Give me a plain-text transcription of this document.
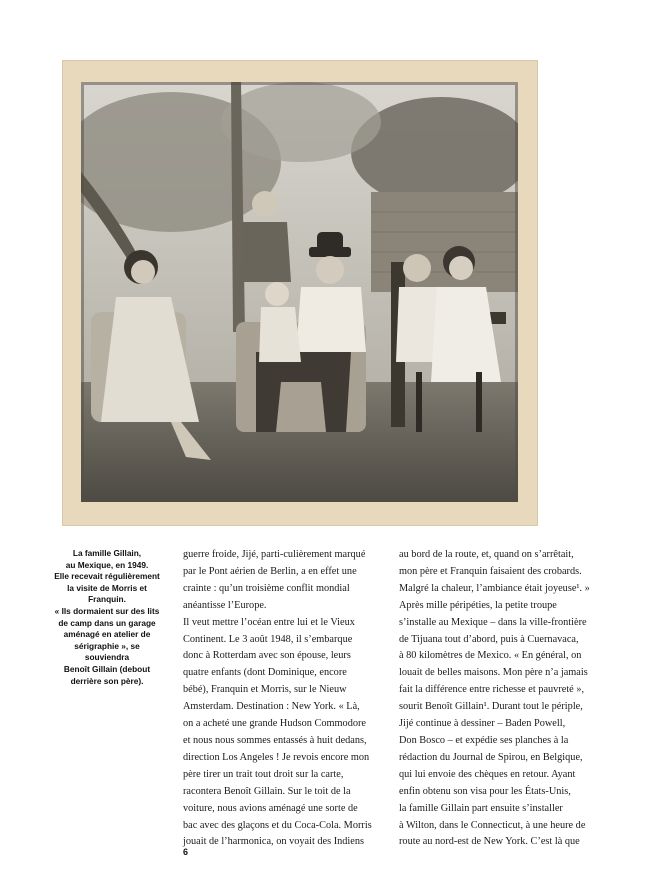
La famille Gillain,
au Mexique, en 1949.
Elle recevait régulièrement
la visite de Morris et Franquin.
« Ils dormaient sur des lits
de camp dans un garage
aménagé en atelier de
sérigraphie », se souviendra
Benoît Gillain (debout
derrière son père).
guerre froide, Jijé, parti-culièrement marqué
par le Pont aérien de Berlin, a en effet une
crainte : qu’un troisième conflit mondial
anéantisse l’Europe.
Il veut mettre l’océan entre lui et le Vieux
Continent. Le 3 août 1948, il s’embarque
donc à Rotterdam avec son épouse, leurs
quatre enfants (dont Dominique, encore
bébé), Franquin et Morris, sur le Nieuw
Amsterdam. Destination : New York. « Là,
on a acheté une grande Hudson Commodore
et nous nous sommes entassés à huit dedans,
direction Los Angeles ! Je revois encore mon
père tirer un trait tout droit sur la carte,
racontera Benoît Gillain. Sur le toit de la
voiture, nous avions aménagé une sorte de
bac avec des glaçons et du Coca-Cola. Morris
jouait de l’harmonica, on voyait des Indiens
au bord de la route, et, quand on s’arrêtait,
mon père et Franquin faisaient des crobards.
Malgré la chaleur, l’ambiance était joyeuse¹. »
Après mille péripéties, la petite troupe
s’installe au Mexique – dans la ville-frontière
de Tijuana tout d’abord, puis à Cuernavaca,
à 80 kilomètres de Mexico. « En général, on
louait de belles maisons. Mon père n’a jamais
fait la différence entre richesse et pauvreté »,
sourit Benoît Gillain¹. Durant tout le périple,
Jijé continue à dessiner – Baden Powell,
Don Bosco – et expédie ses planches à la
rédaction du Journal de Spirou, en Belgique,
qui lui envoie des chèques en retour. Ayant
enfin obtenu son visa pour les États-Unis,
la famille Gillain part ensuite s’installer
à Wilton, dans le Connecticut, à une heure de
route au nord-est de New York. C’est là que
6
